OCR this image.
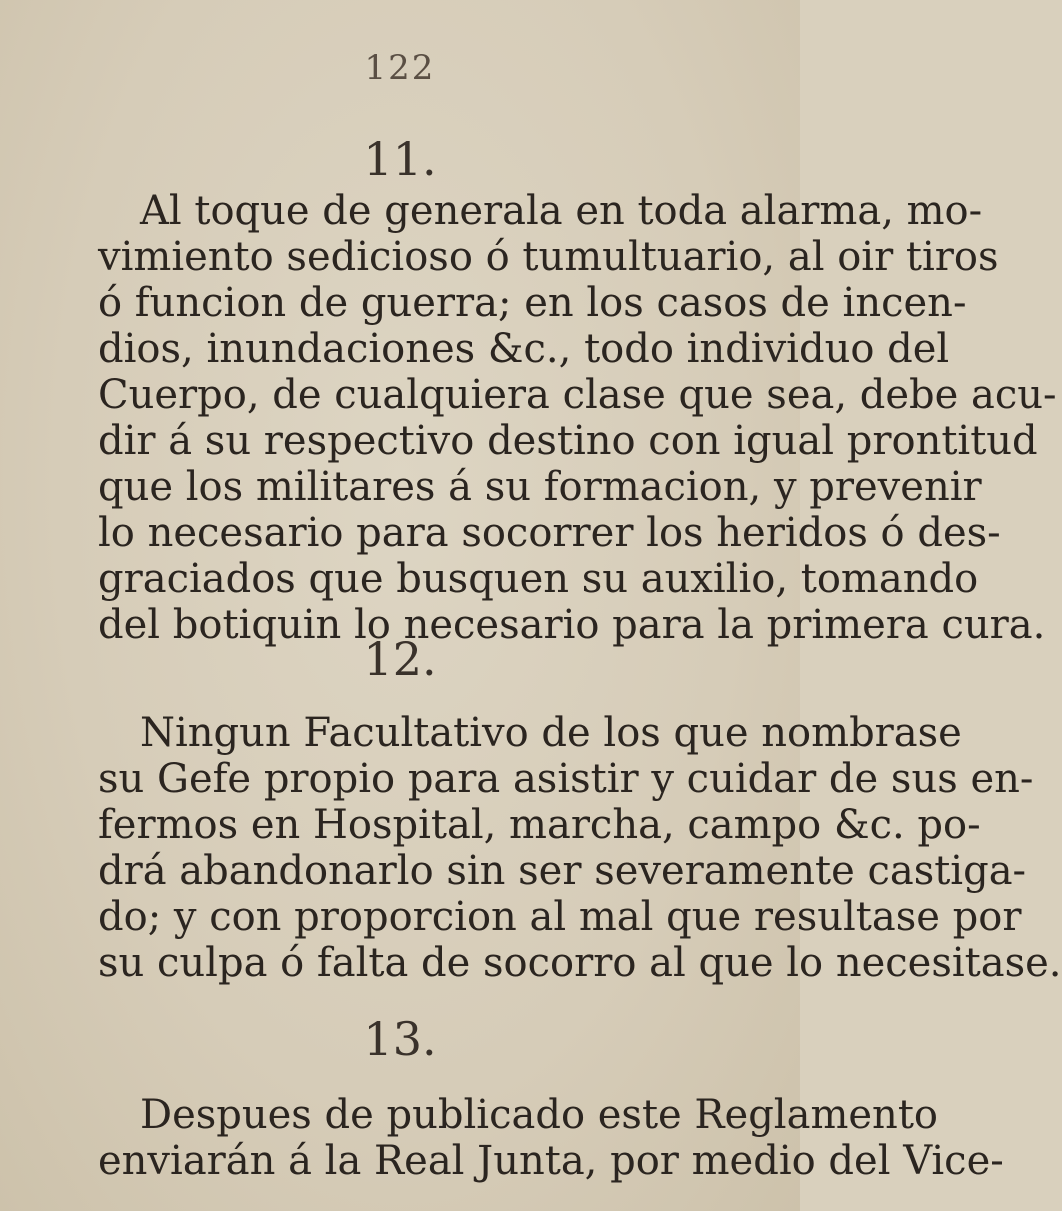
122
11.
Al toque de generala en toda alarma, mo-
vimiento sedicioso ó tumultuario, al oir tiros
ó funcion de guerra; en los casos de incen-
dios, inundaciones &c., todo individuo del
Cuerpo, de cualquiera clase que sea, debe acu-
dir á su respectivo destino con igual prontitud
que los militares á su formacion, y prevenir
lo necesario para socorrer los heridos ó des-
graciados que busquen su auxilio, tomando
del botiquin lo necesario para la primera cura.
12.
Ningun Facultativo de los que nombrase
su Gefe propio para asistir y cuidar de sus en-
fermos en Hospital, marcha, campo &c. po-
drá abandonarlo sin ser severamente castiga-
do; y con proporcion al mal que resultase por
su culpa ó falta de socorro al que lo necesitase.
13.
Despues de publicado este Reglamento
enviarán á la Real Junta, por medio del Vice-
